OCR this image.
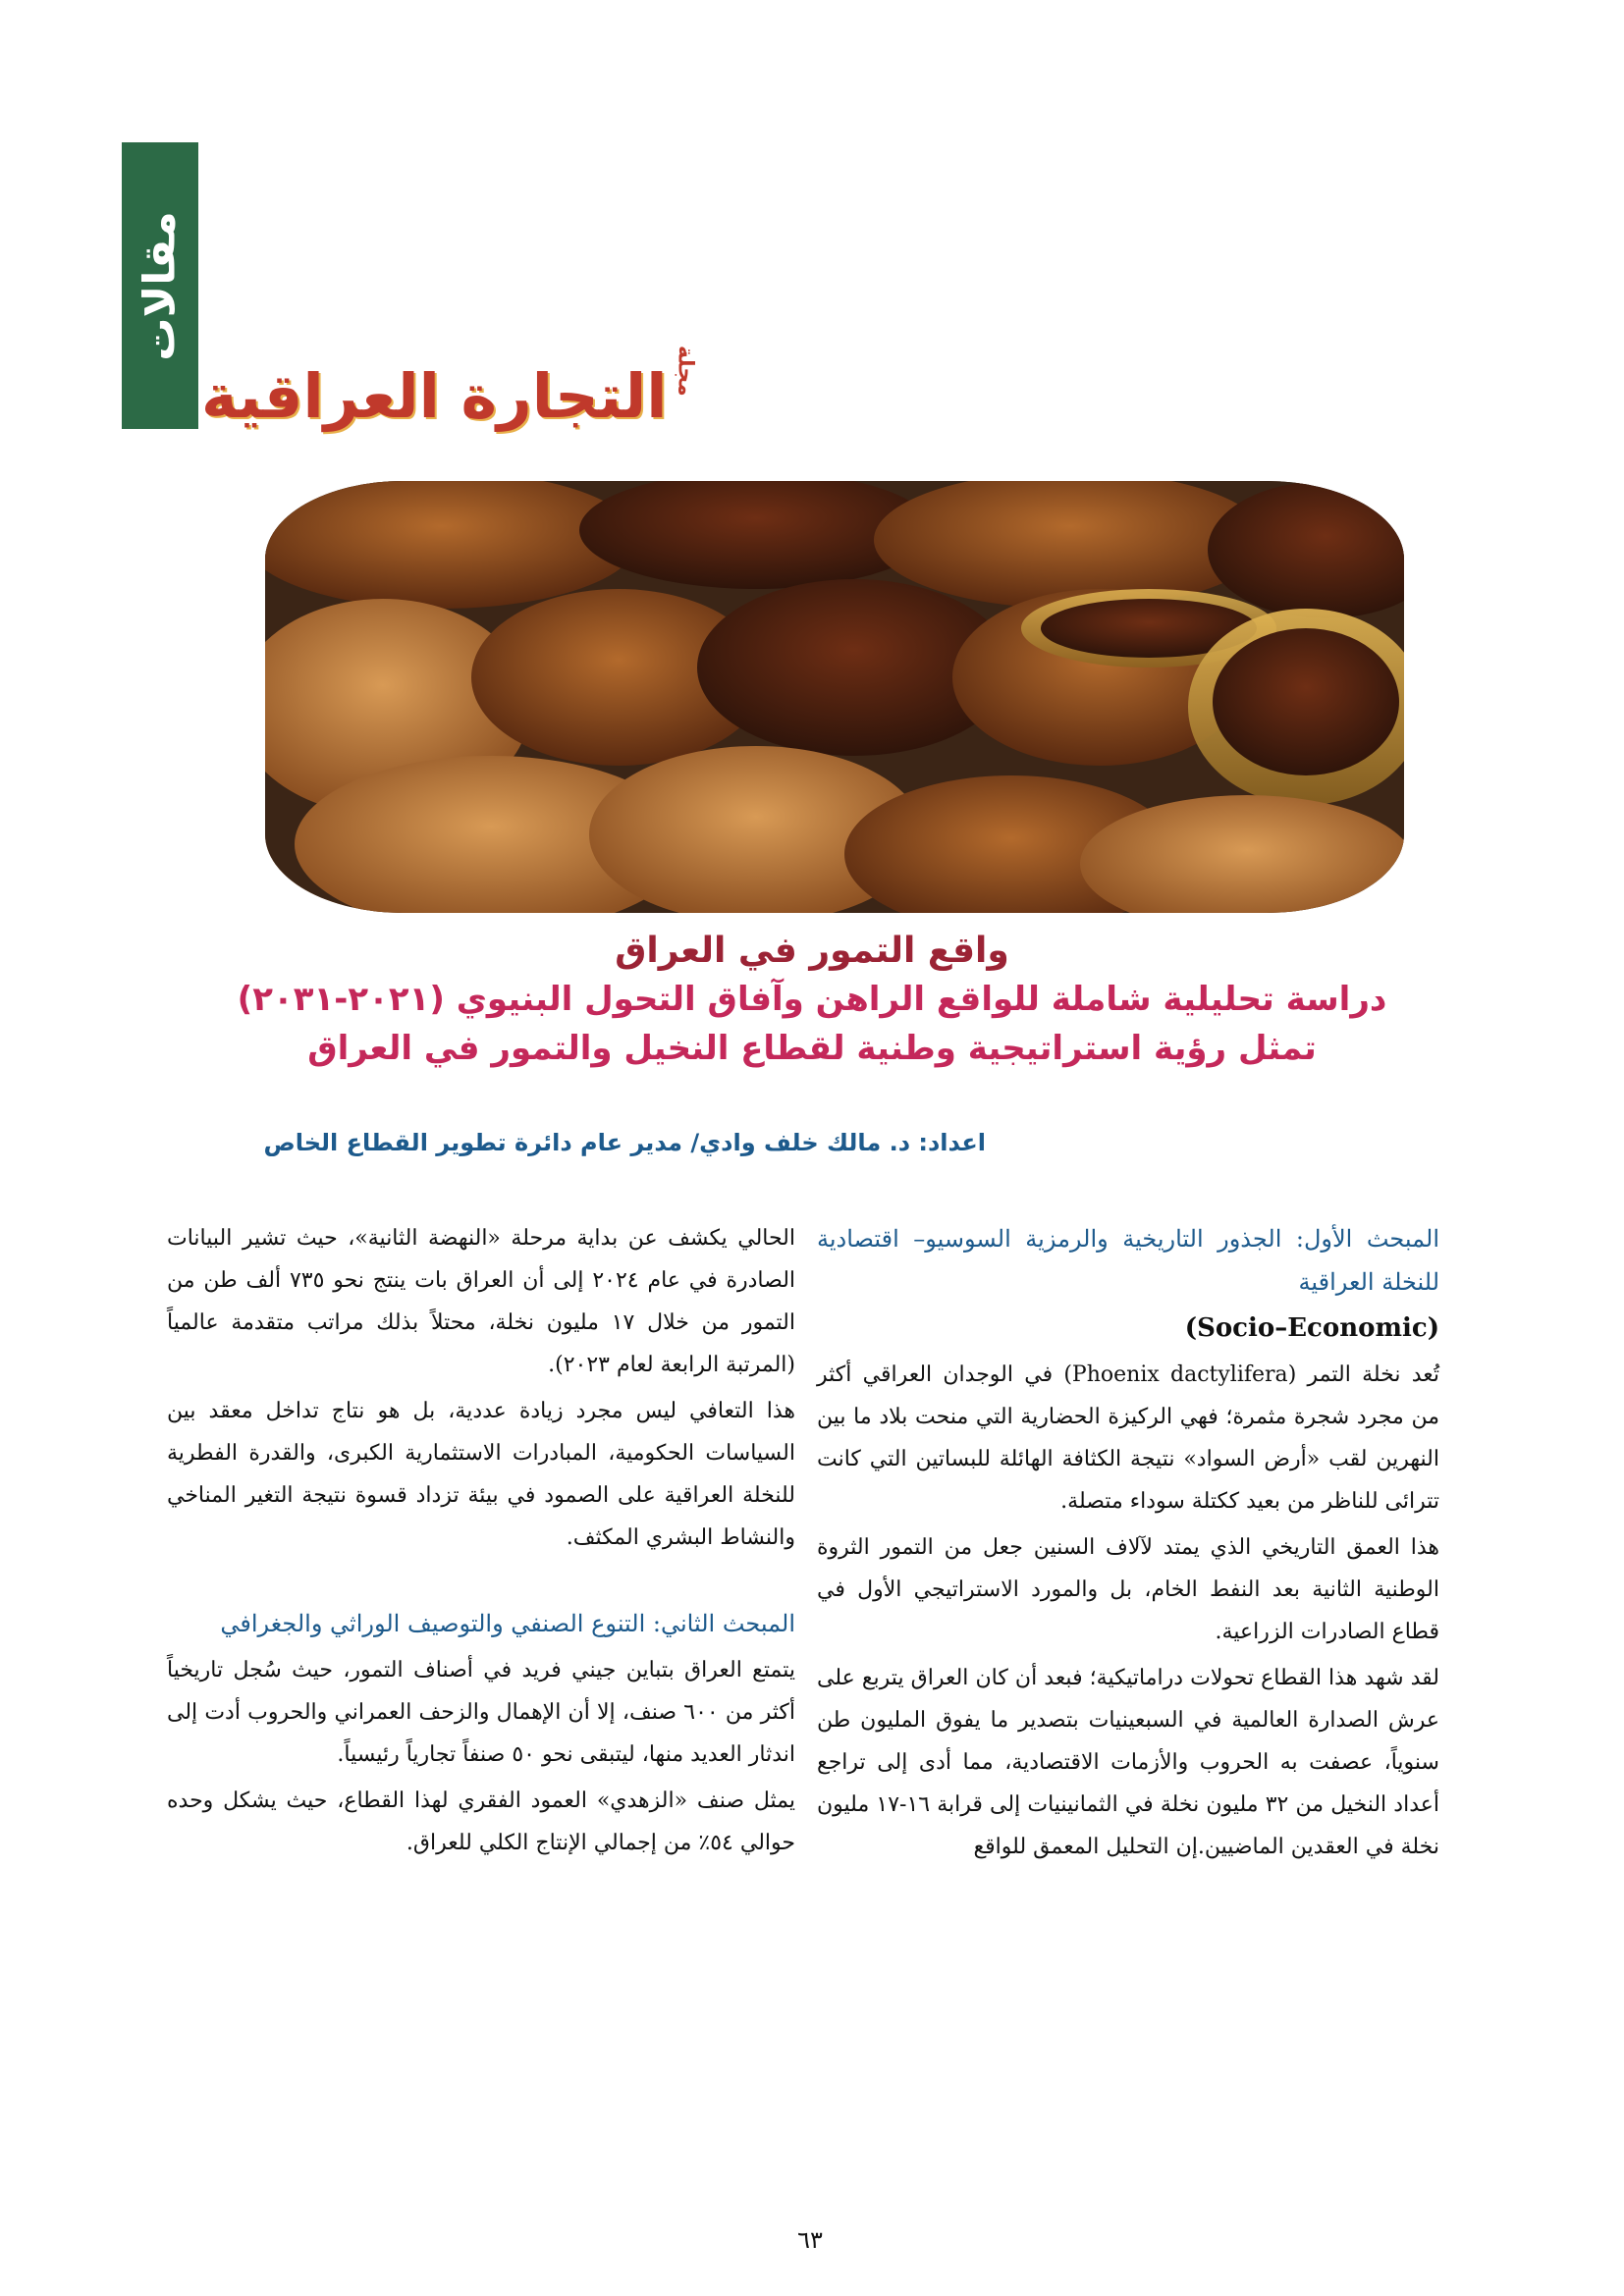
مقالات
التجارة العراقية مجلة

واقع التمور في العراق

دراسة تحليلية شاملة للواقع الراهن وآفاق التحول البنيوي (٢٠٢١-٢٠٣١)

تمثل رؤية استراتيجية وطنية لقطاع النخيل والتمور في العراق

اعداد: د. مالك خلف وادي/ مدير عام دائرة تطوير القطاع الخاص

المبحث الأول: الجذور التاريخية والرمزية السوسيو– اقتصادية للنخلة العراقية

(Socio–Economic)

تُعد نخلة التمر (Phoenix dactylifera) في الوجدان العراقي أكثر من مجرد شجرة مثمرة؛ فهي الركيزة الحضارية التي منحت بلاد ما بين النهرين لقب «أرض السواد» نتيجة الكثافة الهائلة للبساتين التي كانت تترائى للناظر من بعيد ككتلة سوداء متصلة.

هذا العمق التاريخي الذي يمتد لآلاف السنين جعل من التمور الثروة الوطنية الثانية بعد النفط الخام، بل والمورد الاستراتيجي الأول في قطاع الصادرات الزراعية.

لقد شهد هذا القطاع تحولات دراماتيكية؛ فبعد أن كان العراق يتربع على عرش الصدارة العالمية في السبعينيات بتصدير ما يفوق المليون طن سنوياً، عصفت به الحروب والأزمات الاقتصادية، مما أدى إلى تراجع أعداد النخيل من ٣٢ مليون نخلة في الثمانينيات إلى قرابة ١٦-١٧ مليون نخلة في العقدين الماضيين.إن التحليل المعمق للواقع

الحالي يكشف عن بداية مرحلة «النهضة الثانية»، حيث تشير البيانات الصادرة في عام ٢٠٢٤ إلى أن العراق بات ينتج نحو ٧٣٥ ألف طن من التمور من خلال ١٧ مليون نخلة، محتلاً بذلك مراتب متقدمة عالمياً (المرتبة الرابعة لعام ٢٠٢٣).

هذا التعافي ليس مجرد زيادة عددية، بل هو نتاج تداخل معقد بين السياسات الحكومية، المبادرات الاستثمارية الكبرى، والقدرة الفطرية للنخلة العراقية على الصمود في بيئة تزداد قسوة نتيجة التغير المناخي والنشاط البشري المكثف.

المبحث الثاني: التنوع الصنفي والتوصيف الوراثي والجغرافي

يتمتع العراق بتباين جيني فريد في أصناف التمور، حيث سُجل تاريخياً أكثر من ٦٠٠ صنف، إلا أن الإهمال والزحف العمراني والحروب أدت إلى اندثار العديد منها، ليتبقى نحو ٥٠ صنفاً تجارياً رئيسياً.

يمثل صنف «الزهدي» العمود الفقري لهذا القطاع، حيث يشكل وحده حوالي ٥٤٪ من إجمالي الإنتاج الكلي للعراق.

٦٣
